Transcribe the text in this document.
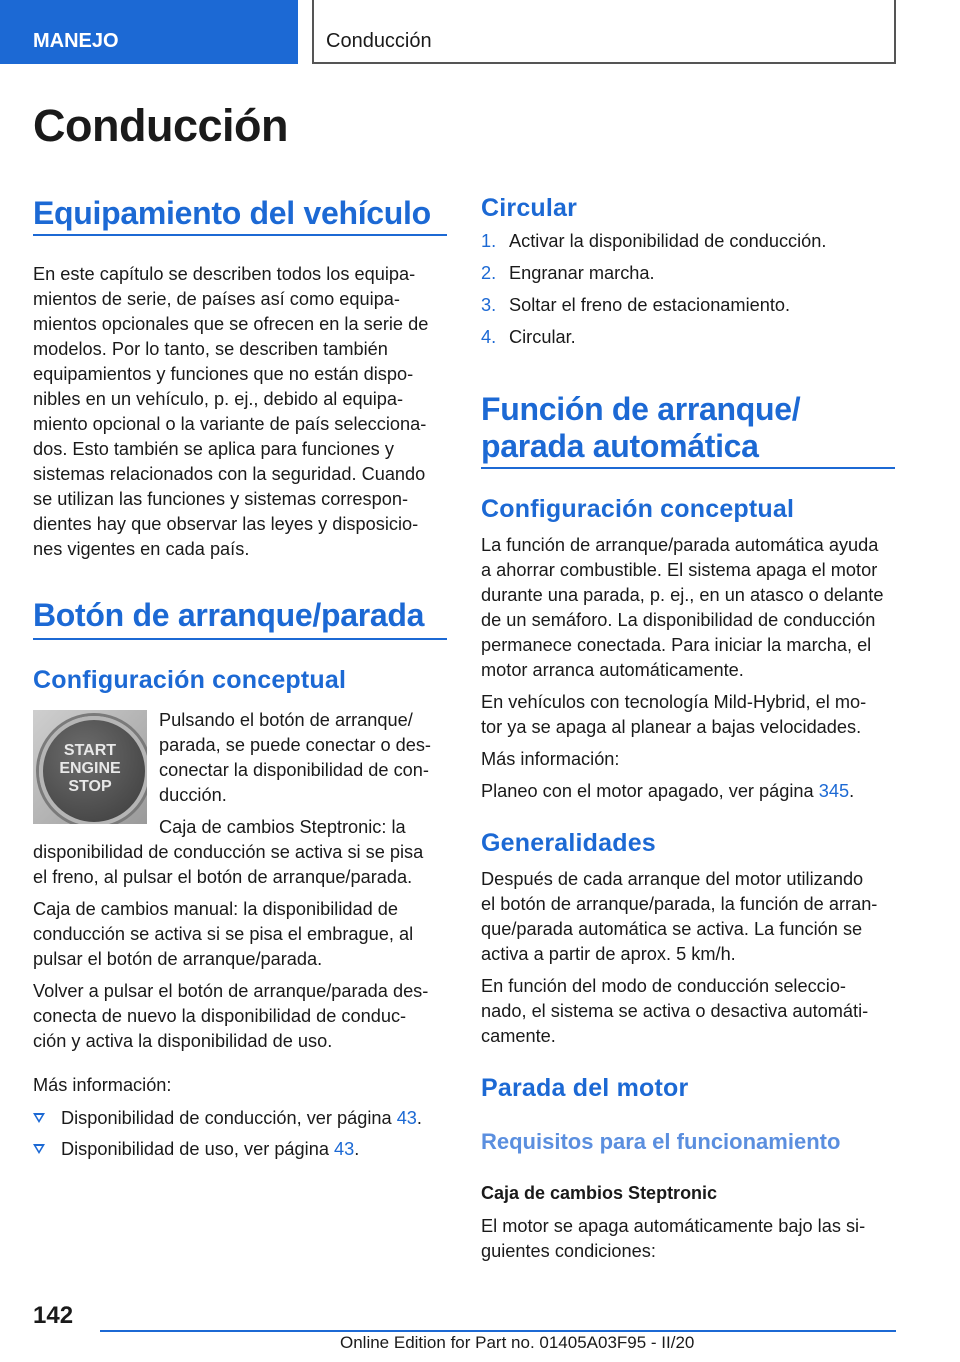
MANEJO	Conducción
Conducción
Equipamiento del vehículo
En este capítulo se describen todos los equipa-
mientos de serie, de países así como equipa-
mientos opcionales que se ofrecen en la serie de
modelos. Por lo tanto, se describen también
equipamientos y funciones que no están dispo-
nibles en un vehículo, p. ej., debido al equipa-
miento opcional o la variante de país selecciona-
dos. Esto también se aplica para funciones y
sistemas relacionados con la seguridad. Cuando
se utilizan las funciones y sistemas correspon-
dientes hay que observar las leyes y disposicio-
nes vigentes en cada país.
Botón de arranque/parada
Configuración conceptual
START
ENGINE
STOP
Pulsando el botón de arranque/
parada, se puede conectar o des-
conectar la disponibilidad de con-
ducción.
Caja de cambios Steptronic: la
disponibilidad de conducción se activa si se pisa
el freno, al pulsar el botón de arranque/parada.
Caja de cambios manual: la disponibilidad de
conducción se activa si se pisa el embrague, al
pulsar el botón de arranque/parada.
Volver a pulsar el botón de arranque/parada des-
conecta de nuevo la disponibilidad de conduc-
ción y activa la disponibilidad de uso.
Más información:
Disponibilidad de conducción, ver página 43.
Disponibilidad de uso, ver página 43.
Circular
1. Activar la disponibilidad de conducción.
2. Engranar marcha.
3. Soltar el freno de estacionamiento.
4. Circular.
Función de arranque/
parada automática
Configuración conceptual
La función de arranque/parada automática ayuda
a ahorrar combustible. El sistema apaga el motor
durante una parada, p. ej., en un atasco o delante
de un semáforo. La disponibilidad de conducción
permanece conectada. Para iniciar la marcha, el
motor arranca automáticamente.
En vehículos con tecnología Mild-Hybrid, el mo-
tor ya se apaga al planear a bajas velocidades.
Más información:
Planeo con el motor apagado, ver página 345.
Generalidades
Después de cada arranque del motor utilizando
el botón de arranque/parada, la función de arran-
que/parada automática se activa. La función se
activa a partir de aprox. 5 km/h.
En función del modo de conducción seleccio-
nado, el sistema se activa o desactiva automáti-
camente.
Parada del motor
Requisitos para el funcionamiento
Caja de cambios Steptronic
El motor se apaga automáticamente bajo las si-
guientes condiciones:
142
Online Edition for Part no. 01405A03F95 - II/20
